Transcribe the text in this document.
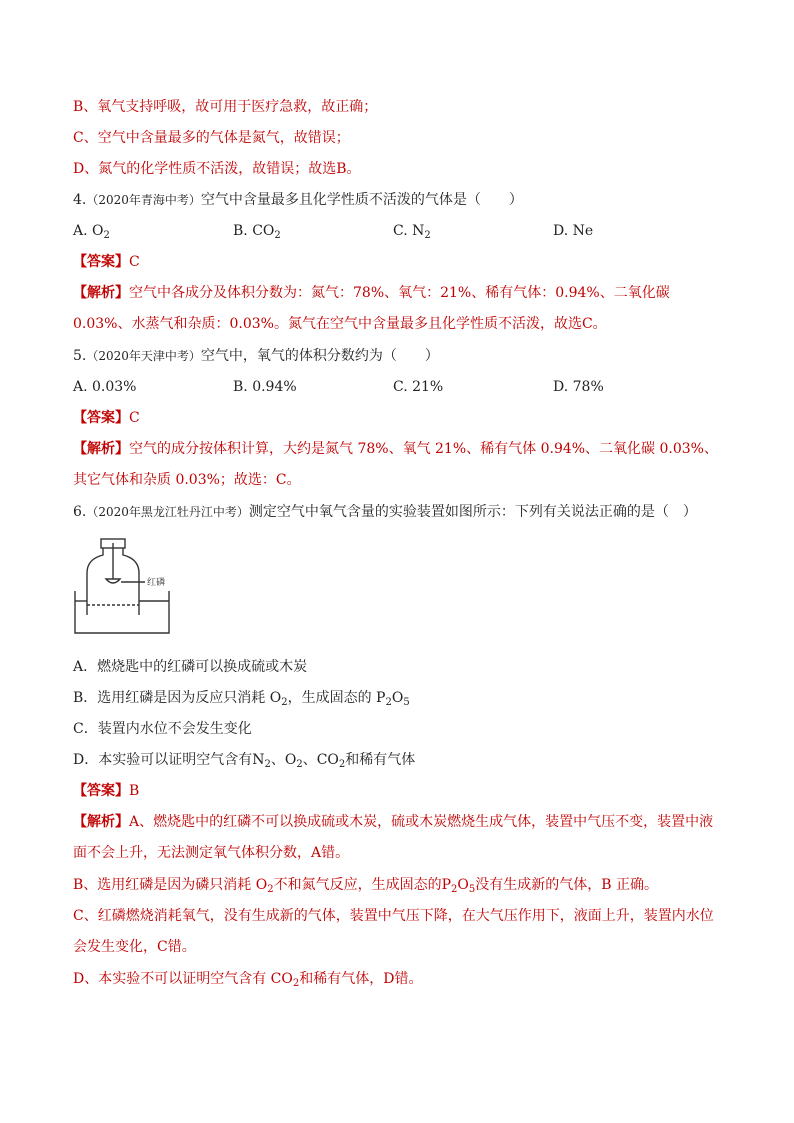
B、氧气支持呼吸，故可用于医疗急救，故正确；
C、空气中含量最多的气体是氮气，故错误；
D、氮气的化学性质不活泼，故错误；故选B。
4.（2020年青海中考）空气中含量最多且化学性质不活泼的气体是（　　）
A. $O_2$	B. $CO_2$	C. $N_2$	D. Ne
【答案】C
【解析】空气中各成分及体积分数为：氮气：78%、氧气：21%、稀有气体：0.94%、二氧化碳 0.03%、水蒸气和杂质：0.03%。氮气在空气中含量最多且化学性质不活泼，故选C。
5.（2020年天津中考）空气中，氧气的体积分数约为（　　）
A. 0.03%	B. 0.94%	C. 21%	D. 78%
【答案】C
【解析】空气的成分按体积计算，大约是氮气 78%、氧气 21%、稀有气体 0.94%、二氧化碳 0.03%、其它气体和杂质 0.03%；故选：C。
6.（2020年黑龙江牡丹江中考）测定空气中氧气含量的实验装置如图所示：下列有关说法正确的是（　）
红磷
A．燃烧匙中的红磷可以换成硫或木炭
B．选用红磷是因为反应只消耗 $O_2$，生成固态的 $P_2O_5$
C．装置内水位不会发生变化
D．本实验可以证明空气含有$N_2$、$O_2$、$CO_2$和稀有气体
【答案】B
【解析】A、燃烧匙中的红磷不可以换成硫或木炭，硫或木炭燃烧生成气体，装置中气压不变，装置中液面不会上升，无法测定氧气体积分数，A错。
B、选用红磷是因为磷只消耗 $O_2$不和氮气反应，生成固态的$P_2O_5$没有生成新的气体，B 正确。
C、红磷燃烧消耗氧气，没有生成新的气体，装置中气压下降，在大气压作用下，液面上升，装置内水位会发生变化，C错。
D、本实验不可以证明空气含有 $CO_2$和稀有气体，D错。
